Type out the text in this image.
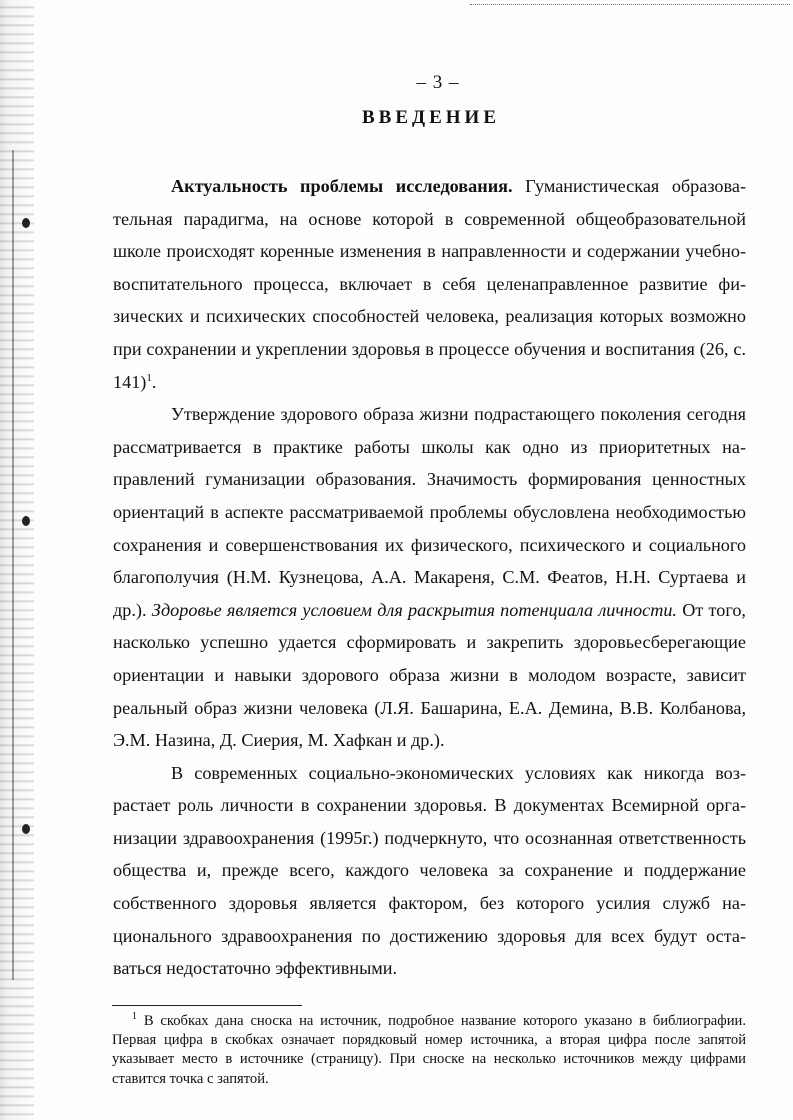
– 3 –
ВВЕДЕНИЕ

Актуальность проблемы исследования. Гуманистическая образовательная парадигма, на основе которой в современной общеобразовательной школе происходят коренные изменения в направленности и содержании учебно-воспитательного процесса, включает в себя целенаправленное развитие физических и психических способностей человека, реализация которых возможно при сохранении и укреплении здоровья в процессе обучения и воспитания (26, с. 141)$^1$.

Утверждение здорового образа жизни подрастающего поколения сегодня рассматривается в практике работы школы как одно из приоритетных направлений гуманизации образования. Значимость формирования ценностных ориентаций в аспекте рассматриваемой проблемы обусловлена необходимостью сохранения и совершенствования их физического, психического и социального благополучия (Н.М. Кузнецова, А.А. Макареня, С.М. Феатов, Н.Н. Суртаева и др.). Здоровье является условием для раскрытия потенциала личности. От того, насколько успешно удается сформировать и закрепить здоровьесберегающие ориентации и навыки здорового образа жизни в молодом возрасте, зависит реальный образ жизни человека (Л.Я. Башарина, Е.А. Демина, В.В. Колбанова, Э.М. Назина, Д. Сиерия, М. Хафкан и др.).

В современных социально-экономических условиях как никогда возрастает роль личности в сохранении здоровья. В документах Всемирной организации здравоохранения (1995г.) подчеркнуто, что осознанная ответственность общества и, прежде всего, каждого человека за сохранение и поддержание собственного здоровья является фактором, без которого усилия служб национального здравоохранения по достижению здоровья для всех будут оставаться недостаточно эффективными.

$^1$ В скобках дана сноска на источник, подробное название которого указано в библиографии. Первая цифра в скобках означает порядковый номер источника, а вторая цифра после запятой указывает место в источнике (страницу). При сноске на несколько источников между цифрами ставится точка с запятой.
